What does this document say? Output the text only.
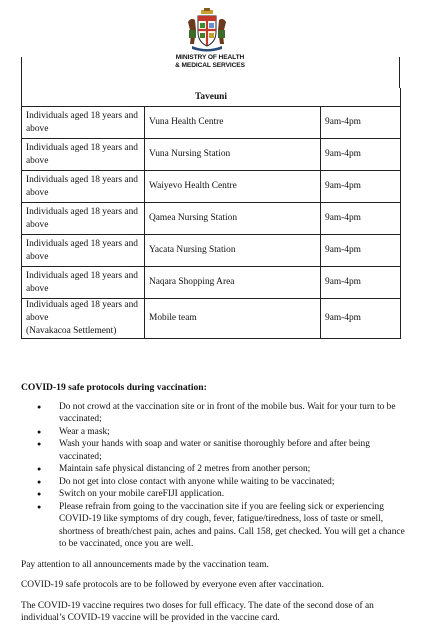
MINISTRY OF HEALTH
& MEDICAL SERVICES
Taveuni		
Individuals aged 18 years and above	Vuna Health Centre	9am-4pm
Individuals aged 18 years and above	Vuna Nursing Station	9am-4pm
Individuals aged 18 years and above	Waiyevo Health Centre	9am-4pm
Individuals aged 18 years and above	Qamea Nursing Station	9am-4pm
Individuals aged 18 years and above	Yacata Nursing Station	9am-4pm
Individuals aged 18 years and above	Naqara Shopping Area	9am-4pm
Individuals aged 18 years and above
(Navakacoa Settlement)	Mobile team	9am-4pm
COVID-19 safe protocols during vaccination:
● Do not crowd at the vaccination site or in front of the mobile bus. Wait for your turn to be vaccinated;
● Wear a mask;
● Wash your hands with soap and water or sanitise thoroughly before and after being vaccinated;
● Maintain safe physical distancing of 2 metres from another person;
● Do not get into close contact with anyone while waiting to be vaccinated;
● Switch on your mobile careFIJI application.
● Please refrain from going to the vaccination site if you are feeling sick or experiencing COVID-19 like symptoms of dry cough, fever, fatigue/tiredness, loss of taste or smell, shortness of breath/chest pain, aches and pains. Call 158, get checked. You will get a chance to be vaccinated, once you are well.

Pay attention to all announcements made by the vaccination team.

COVID-19 safe protocols are to be followed by everyone even after vaccination.

The COVID-19 vaccine requires two doses for full efficacy. The date of the second dose of an individual’s COVID-19 vaccine will be provided in the vaccine card.
